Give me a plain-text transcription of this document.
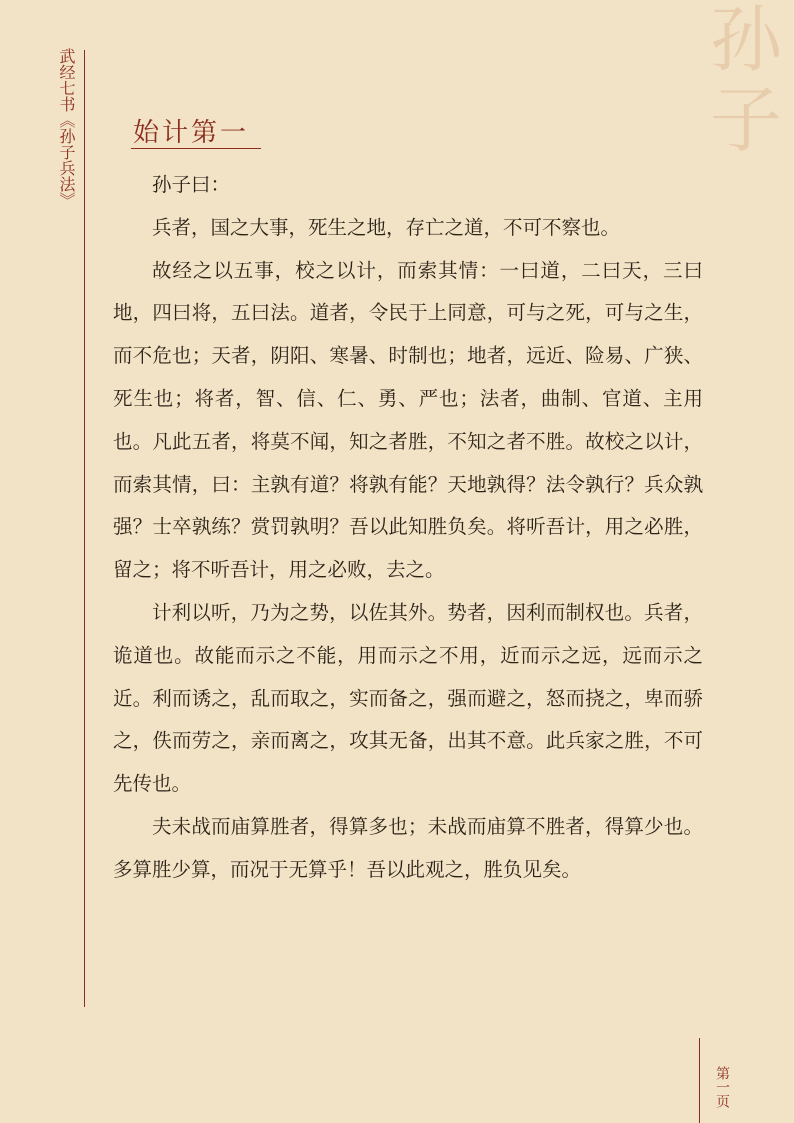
孙
子
武经七书《孙子兵法》 始计第一

孙子曰：

兵者，国之大事，死生之地，存亡之道，不可不察也。

故经之以五事，校之以计，而索其情：一曰道，二曰天，三曰地，四曰将，五曰法。道者，令民于上同意，可与之死，可与之生，而不危也；天者，阴阳、寒暑、时制也；地者，远近、险易、广狭、死生也；将者，智、信、仁、勇、严也；法者，曲制、官道、主用也。凡此五者，将莫不闻，知之者胜，不知之者不胜。故校之以计，而索其情，曰：主孰有道？将孰有能？天地孰得？法令孰行？兵众孰强？士卒孰练？赏罚孰明？吾以此知胜负矣。将听吾计，用之必胜，留之；将不听吾计，用之必败，去之。

计利以听，乃为之势，以佐其外。势者，因利而制权也。兵者，诡道也。故能而示之不能，用而示之不用，近而示之远，远而示之近。利而诱之，乱而取之，实而备之，强而避之，怒而挠之，卑而骄之，佚而劳之，亲而离之，攻其无备，出其不意。此兵家之胜，不可先传也。

夫未战而庙算胜者，得算多也；未战而庙算不胜者，得算少也。多算胜少算，而况于无算乎！吾以此观之，胜负见矣。

第一页
